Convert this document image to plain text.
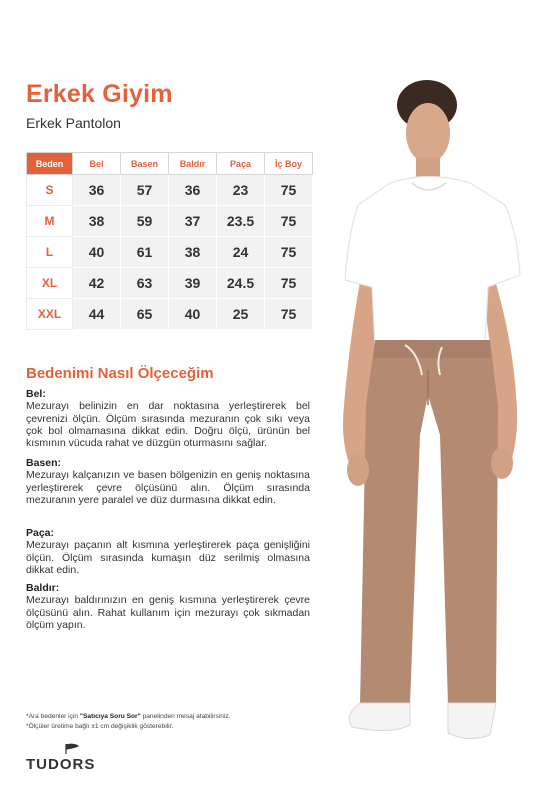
Erkek Giyim
Erkek Pantolon
Beden	Bel	Basen	Baldır	Paça	İç Boy
S	36	57	36	23	75
M	38	59	37	23.5	75
L	40	61	38	24	75
XL	42	63	39	24.5	75
XXL	44	65	40	25	75
Bedenimi Nasıl Ölçeceğim
Bel:
Mezurayı belinizin en dar noktasına yerleştirerek bel çevrenizi ölçün. Ölçüm sırasında mezuranın çok sıkı veya çok bol olmamasına dikkat edin. Doğru ölçü, ürünün bel kısmının vücuda rahat ve düzgün oturmasını sağlar.
Basen:
Mezurayı kalçanızın ve basen bölgenizin en geniş noktasına yerleştirerek çevre ölçüsünü alın. Ölçüm sırasında mezuranın yere paralel ve düz durmasına dikkat edin.
Paça:
Mezurayı paçanın alt kısmına yerleştirerek paça genişliğini ölçün. Ölçüm sırasında kumaşın düz serilmiş olmasına dikkat edin.
Baldır:
Mezurayı baldırınızın en geniş kısmına yerleştirerek çevre ölçüsünü alın. Rahat kullanım için mezurayı çok sıkmadan ölçüm yapın.
*Ara bedenler için "Satıcıya Soru Sor" panelinden mesaj atabilirsiniz.
*Ölçüler üretime bağlı ±1 cm değişiklik gösterebilir.
TUDORS
